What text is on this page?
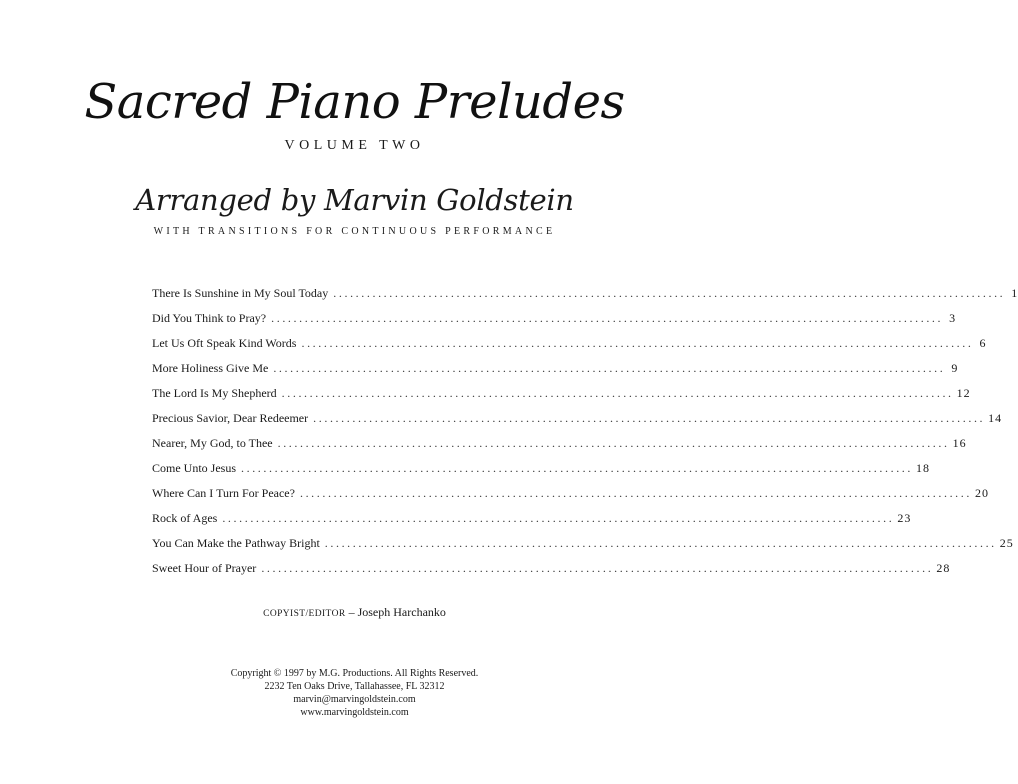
Sacred Piano Preludes
VOLUME TWO
Arranged by Marvin Goldstein
WITH TRANSITIONS FOR CONTINUOUS PERFORMANCE
There Is Sunshine in My Soul Today ........................................................................................................................ 1
Did You Think to Pray? ........................................................................................................................ 3
Let Us Oft Speak Kind Words ........................................................................................................................ 6
More Holiness Give Me ........................................................................................................................ 9
The Lord Is My Shepherd ........................................................................................................................ 12
Precious Savior, Dear Redeemer ........................................................................................................................ 14
Nearer, My God, to Thee ........................................................................................................................ 16
Come Unto Jesus ........................................................................................................................ 18
Where Can I Turn For Peace? ........................................................................................................................ 20
Rock of Ages ........................................................................................................................ 23
You Can Make the Pathway Bright ........................................................................................................................ 25
Sweet Hour of Prayer ........................................................................................................................ 28
COPYIST/EDITOR – Joseph Harchanko
Copyright © 1997 by M.G. Productions. All Rights Reserved.
2232 Ten Oaks Drive, Tallahassee, FL 32312
marvin@marvingoldstein.com
www.marvingoldstein.com
